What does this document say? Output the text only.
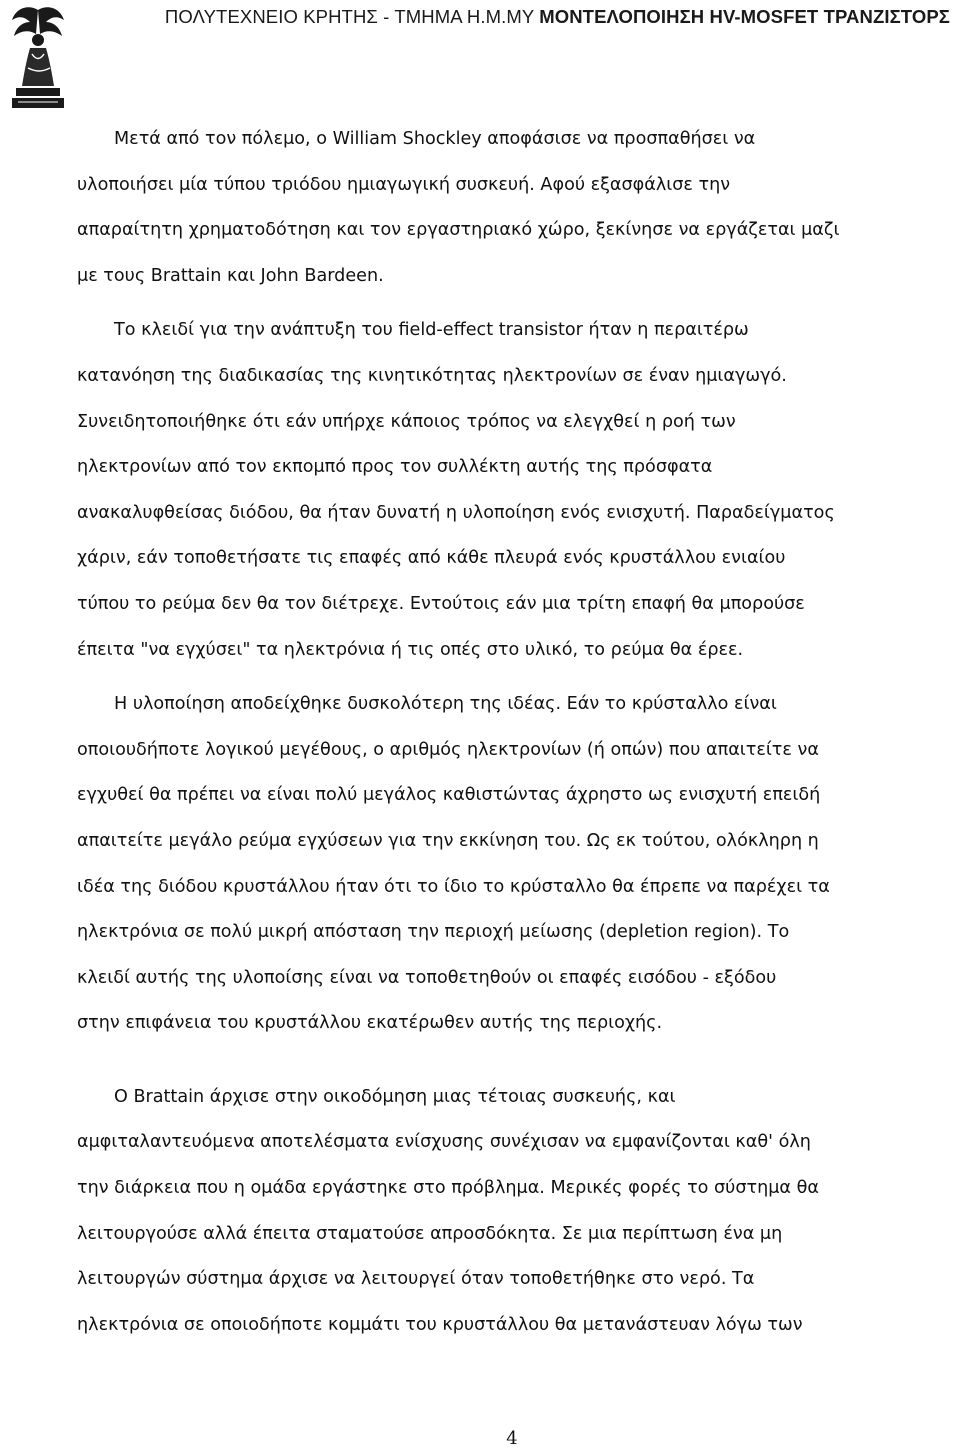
ΠΟΛΥΤΕΧΝΕΙΟ ΚΡΗΤΗΣ - ΤΜΗΜΑ Η.Μ.ΜΥ ΜΟΝΤΕΛΟΠΟΙΗΣΗ HV-MOSFET ΤΡΑΝΖΙΣΤΟΡΣ

Μετά από τον πόλεμο, ο William Shockley αποφάσισε να προσπαθήσει να
υλοποιήσει μία τύπου τριόδου ημιαγωγική συσκευή. Αφού εξασφάλισε την
απαραίτητη χρηματοδότηση και τον εργαστηριακό χώρο, ξεκίνησε να εργάζεται μαζι
με τους Brattain και John Bardeen.

Το κλειδί για την ανάπτυξη του field-effect transistor ήταν η περαιτέρω
κατανόηση της διαδικασίας της κινητικότητας ηλεκτρονίων σε έναν ημιαγωγό.
Συνειδητοποιήθηκε ότι εάν υπήρχε κάποιος τρόπος να ελεγχθεί η ροή των
ηλεκτρονίων από τον εκπομπό προς τον συλλέκτη αυτής της πρόσφατα
ανακαλυφθείσας διόδου, θα ήταν δυνατή η υλοποίηση ενός ενισχυτή. Παραδείγματος
χάριν, εάν τοποθετήσατε τις επαφές από κάθε πλευρά ενός κρυστάλλου ενιαίου
τύπου το ρεύμα δεν θα τον διέτρεχε. Εντούτοις εάν μια τρίτη επαφή θα μπορούσε
έπειτα "να εγχύσει" τα ηλεκτρόνια ή τις οπές στο υλικό, το ρεύμα θα έρεε.

Η υλοποίηση αποδείχθηκε δυσκολότερη της ιδέας. Εάν το κρύσταλλο είναι
οποιουδήποτε λογικού μεγέθους, ο αριθμός ηλεκτρονίων (ή οπών) που απαιτείτε να
εγχυθεί θα πρέπει να είναι πολύ μεγάλος καθιστώντας άχρηστο ως ενισχυτή επειδή
απαιτείτε μεγάλο ρεύμα εγχύσεων για την εκκίνηση του. Ως εκ τούτου, ολόκληρη η
ιδέα της διόδου κρυστάλλου ήταν ότι το ίδιο το κρύσταλλο θα έπρεπε να παρέχει τα
ηλεκτρόνια σε πολύ μικρή απόσταση την περιοχή μείωσης (depletion region). Το
κλειδί αυτής της υλοποίσης είναι να τοποθετηθούν οι επαφές εισόδου - εξόδου
στην επιφάνεια του κρυστάλλου εκατέρωθεν αυτής της περιοχής.

Ο Brattain άρχισε στην οικοδόμηση μιας τέτοιας συσκευής, και
αμφιταλαντευόμενα αποτελέσματα ενίσχυσης συνέχισαν να εμφανίζονται καθ' όλη
την διάρκεια που η ομάδα εργάστηκε στο πρόβλημα. Μερικές φορές το σύστημα θα
λειτουργούσε αλλά έπειτα σταματούσε απροσδόκητα. Σε μια περίπτωση ένα μη
λειτουργών σύστημα άρχισε να λειτουργεί όταν τοποθετήθηκε στο νερό. Τα
ηλεκτρόνια σε οποιοδήποτε κομμάτι του κρυστάλλου θα μετανάστευαν λόγω των

4
